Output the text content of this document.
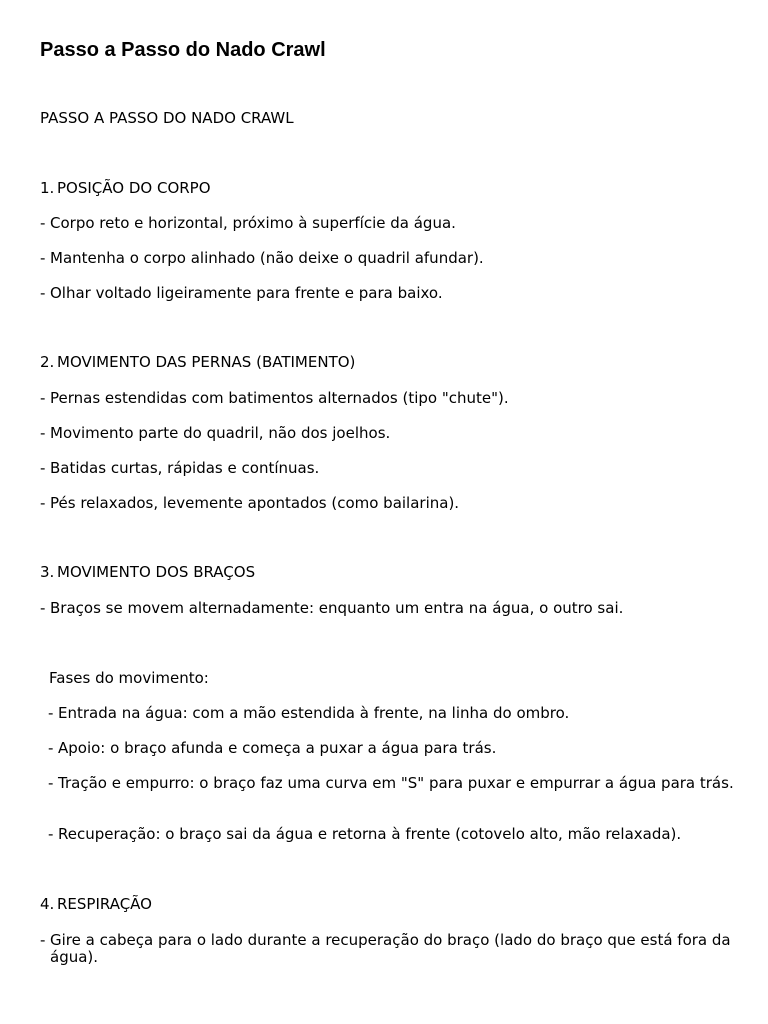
Passo a Passo do Nado Crawl
PASSO A PASSO DO NADO CRAWL
1. POSIÇÃO DO CORPO
- Corpo reto e horizontal, próximo à superfície da água.
- Mantenha o corpo alinhado (não deixe o quadril afundar).
- Olhar voltado ligeiramente para frente e para baixo.
2. MOVIMENTO DAS PERNAS (BATIMENTO)
- Pernas estendidas com batimentos alternados (tipo "chute").
- Movimento parte do quadril, não dos joelhos.
- Batidas curtas, rápidas e contínuas.
- Pés relaxados, levemente apontados (como bailarina).
3. MOVIMENTO DOS BRAÇOS
- Braços se movem alternadamente: enquanto um entra na água, o outro sai.
Fases do movimento:
- Entrada na água: com a mão estendida à frente, na linha do ombro.
- Apoio: o braço afunda e começa a puxar a água para trás.
- Tração e empurro: o braço faz uma curva em "S" para puxar e empurrar a água para trás.
- Recuperação: o braço sai da água e retorna à frente (cotovelo alto, mão relaxada).
4. RESPIRAÇÃO
- Gire a cabeça para o lado durante a recuperação do braço (lado do braço que está fora da água).
